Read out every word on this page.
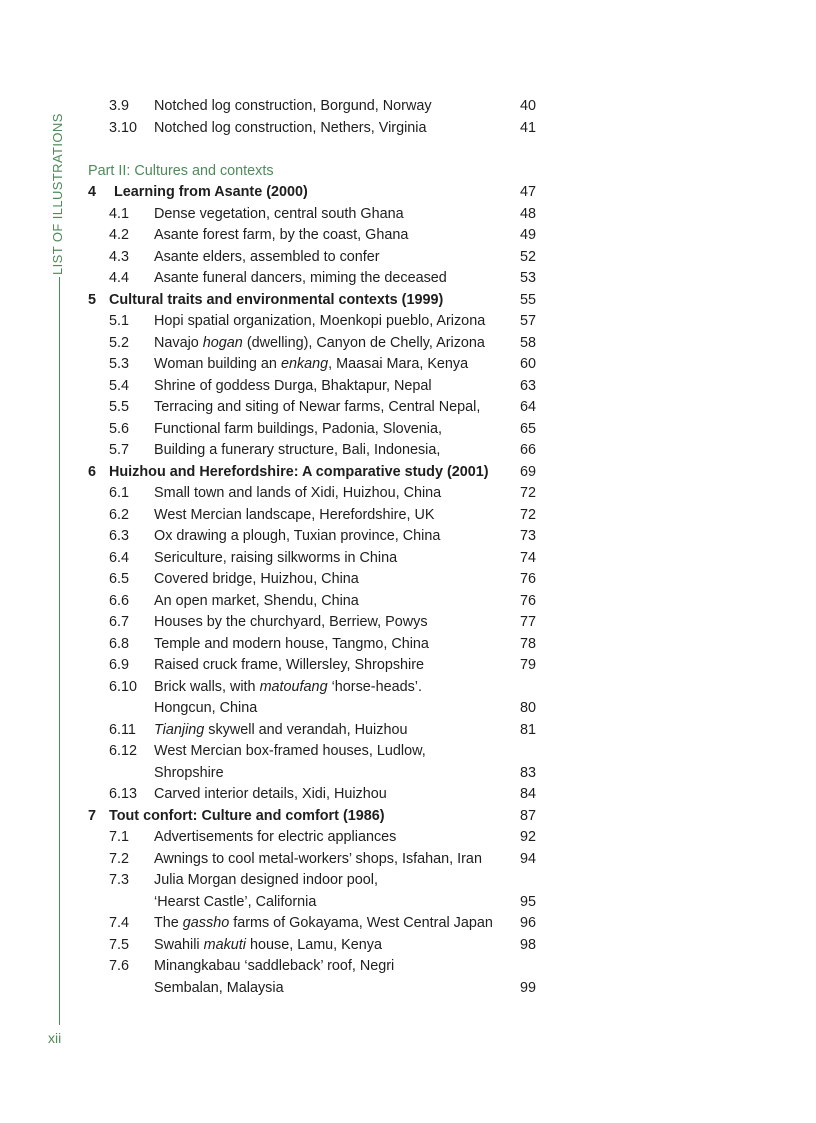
LIST OF ILLUSTRATIONS
xii
3.9 Notched log construction, Borgund, Norway	40
3.10 Notched log construction, Nethers, Virginia	41
Part II: Cultures and contexts
4 Learning from Asante (2000)	47
4.1 Dense vegetation, central south Ghana	48
4.2 Asante forest farm, by the coast, Ghana	49
4.3 Asante elders, assembled to confer	52
4.4 Asante funeral dancers, miming the deceased	53
5 Cultural traits and environmental contexts (1999)	55
5.1 Hopi spatial organization, Moenkopi pueblo, Arizona 57
5.2 Navajo hogan (dwelling), Canyon de Chelly, Arizona 58
5.3 Woman building an enkang, Maasai Mara, Kenya	60
5.4 Shrine of goddess Durga, Bhaktapur, Nepal	63
5.5 Terracing and siting of Newar farms, Central Nepal,	64
5.6 Functional farm buildings, Padonia, Slovenia,	65
5.7 Building a funerary structure, Bali, Indonesia,	66
6 Huizhou and Herefordshire: A comparative study (2001) 69
6.1 Small town and lands of Xidi, Huizhou, China	72
6.2 West Mercian landscape, Herefordshire, UK	72
6.3 Ox drawing a plough, Tuxian province, China	73
6.4 Sericulture, raising silkworms in China	74
6.5 Covered bridge, Huizhou, China	76
6.6 An open market, Shendu, China	76
6.7 Houses by the churchyard, Berriew, Powys	77
6.8 Temple and modern house, Tangmo, China	78
6.9 Raised cruck frame, Willersley, Shropshire	79
6.10 Brick walls, with matoufang ‘horse-heads’.
Hongcun, China	80
6.11 Tianjing skywell and verandah, Huizhou	81
6.12 West Mercian box-framed houses, Ludlow,
Shropshire	83
6.13 Carved interior details, Xidi, Huizhou	84
7 Tout confort: Culture and comfort (1986)	87
7.1 Advertisements for electric appliances	92
7.2 Awnings to cool metal-workers’ shops, Isfahan, Iran	94
7.3 Julia Morgan designed indoor pool,
‘Hearst Castle’, California	95
7.4 The gassho farms of Gokayama, West Central Japan 96
7.5 Swahili makuti house, Lamu, Kenya	98
7.6 Minangkabau ‘saddleback’ roof, Negri
Sembalan, Malaysia	99
